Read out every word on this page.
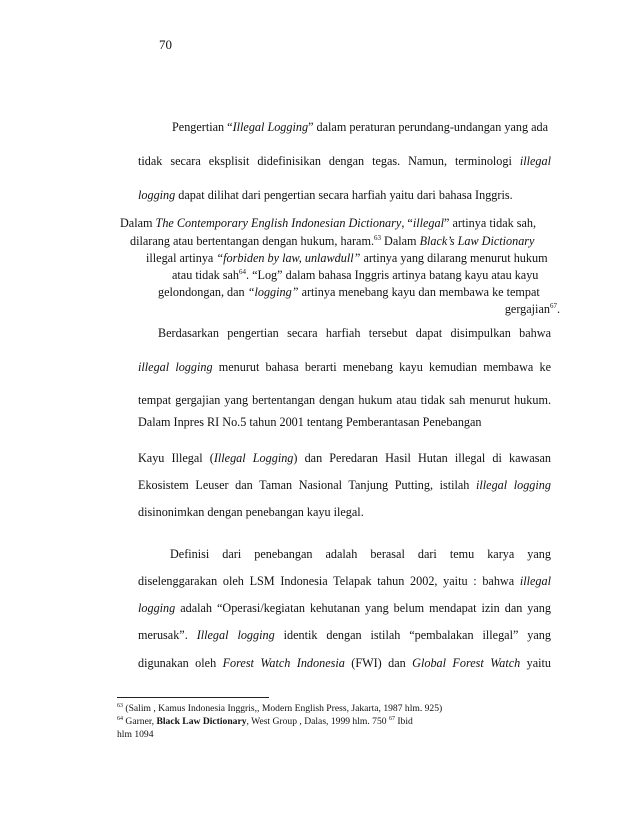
70
Pengertian “Illegal Logging” dalam peraturan perundang-undangan yang ada
tidak secara eksplisit didefinisikan dengan tegas. Namun, terminologi illegal
logging dapat dilihat dari pengertian secara harfiah yaitu dari bahasa Inggris.
Dalam The Contemporary English Indonesian Dictionary, “illegal” artinya tidak sah,
dilarang atau bertentangan dengan hukum, haram.$^{63}$ Dalam Black’s Law Dictionary
illegal artinya “forbiden by law, unlawdull” artinya yang dilarang menurut hukum
atau tidak sah$^{64}$. “Log” dalam bahasa Inggris artinya batang kayu atau kayu
gelondongan, dan “logging” artinya menebang kayu dan membawa ke tempat
gergajian$^{67}$.
Berdasarkan pengertian secara harfiah tersebut dapat disimpulkan bahwa
illegal logging menurut bahasa berarti menebang kayu kemudian membawa ke
tempat gergajian yang bertentangan dengan hukum atau tidak sah menurut hukum.
Dalam Inpres RI No.5 tahun 2001 tentang Pemberantasan Penebangan
Kayu Illegal (Illegal Logging) dan Peredaran Hasil Hutan illegal di kawasan
Ekosistem Leuser dan Taman Nasional Tanjung Putting, istilah illegal logging
disinonimkan dengan penebangan kayu ilegal.
Definisi dari penebangan adalah berasal dari temu karya yang
diselenggarakan oleh LSM Indonesia Telapak tahun 2002, yaitu : bahwa illegal
logging adalah “Operasi/kegiatan kehutanan yang belum mendapat izin dan yang
merusak”. Illegal logging identik dengan istilah “pembalakan illegal” yang
digunakan oleh Forest Watch Indonesia (FWI) dan Global Forest Watch yaitu
$^{63}$ (Salim , Kamus Indonesia Inggris,, Modern English Press, Jakarta, 1987 hlm. 925)
$^{64}$ Garner, Black Law Dictionary, West Group , Dalas, 1999 hlm. 750 $^{67}$ Ibid
hlm 1094
